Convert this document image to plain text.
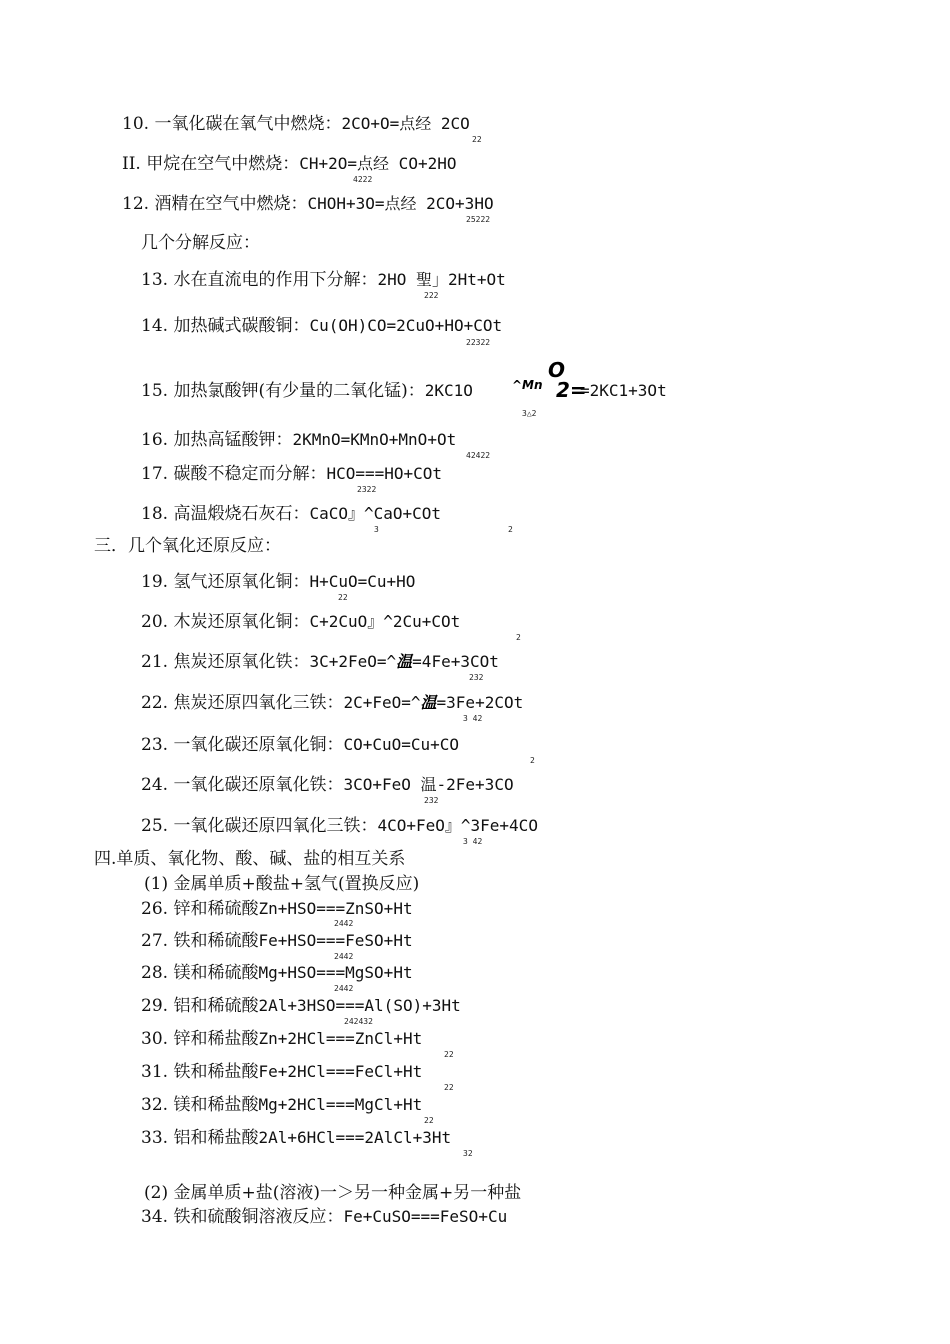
10. 一氧化碳在氧气中燃烧：2CO+O=点经 2CO
22
II. 甲烷在空气中燃烧：CH+2O=点经 CO+2HO
4222
12. 酒精在空气中燃烧：CHOH+3O=点经 2CO+3HO
25222
几个分解反应：
13. 水在直流电的作用下分解：2HO 聖」2Ht+Ot
222
14. 加热碱式碳酸铜：Cu(OH)CO=2CuO+HO+COt
22322
15. 加热氯酸钾(有少量的二氧化锰)：2KC1O	^Mn
O
2=
=2KC1+3Ot
3△2
16. 加热高锰酸钾：2KMnO=KMnO+MnO+Ot
42422
17. 碳酸不稳定而分解：HCO===HO+COt
2322
18. 高温煅烧石灰石：CaCO』^CaO+COt
3	2
三．几个氧化还原反应：
19. 氢气还原氧化铜：H+CuO=Cu+HO
22
20. 木炭还原氧化铜：C+2CuO』^2Cu+COt
2
21. 焦炭还原氧化铁：3C+2FeO=^温=4Fe+3COt
232
22. 焦炭还原四氧化三铁：2C+FeO=^温=3Fe+2COt
3 42
23. 一氧化碳还原氧化铜：CO+CuO=Cu+CO
2
24. 一氧化碳还原氧化铁：3CO+FeO 温-2Fe+3CO
232
25. 一氧化碳还原四氧化三铁：4CO+FeO』^3Fe+4CO
3 42
四.单质、氧化物、酸、碱、盐的相互关系
(1) 金属单质+酸盐+氢气(置换反应)
26. 锌和稀硫酸Zn+HSO===ZnSO+Ht
2442
27. 铁和稀硫酸Fe+HSO===FeSO+Ht
2442
28. 镁和稀硫酸Mg+HSO===MgSO+Ht
2442
29. 铝和稀硫酸2Al+3HSO===Al(SO)+3Ht
242432
30. 锌和稀盐酸Zn+2HCl===ZnCl+Ht
22
31. 铁和稀盐酸Fe+2HCl===FeCl+Ht
22
32. 镁和稀盐酸Mg+2HCl===MgCl+Ht
22
33. 铝和稀盐酸2Al+6HCl===2AlCl+3Ht
32
(2) 金属单质+盐(溶液)一＞另一种金属+另一种盐
34. 铁和硫酸铜溶液反应：Fe+CuSO===FeSO+Cu
